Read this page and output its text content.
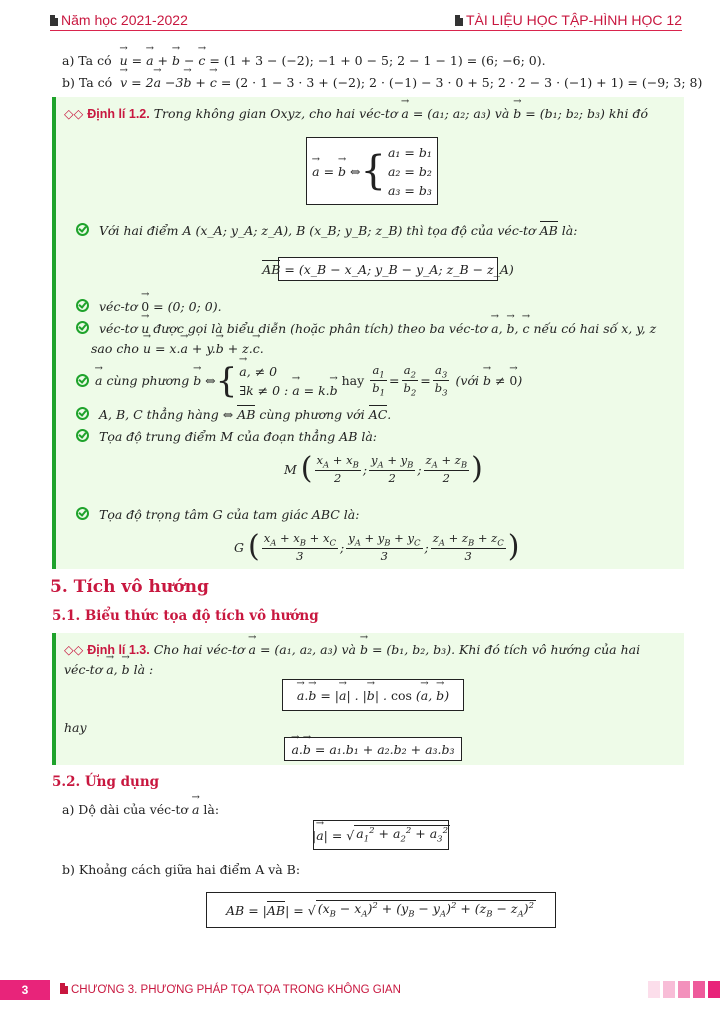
Năm học 2021-2022	TÀI LIỆU HỌC TẬP-HÌNH HỌC 12
a) Ta có → u = → a + → b − → c = (1 + 3 − (−2); −1 + 0 − 5; 2 − 1 − 1) = (6; −6; 0).
b) Ta có → v = 2→ a −3→ b + → c = (2 · 1 − 3 · 3 + (−2); 2 · (−1) − 3 · 0 + 5; 2 · 2 − 3 · (−1) + 1) = (−9; 3; 8)
◇◇ Định lí 1.2. Trong không gian Oxyz, cho hai véc-tơ → a = (a₁; a₂; a₃) và → b = (b₁; b₂; b₃) khi đó
→ a = → b
⇔ { a₁ = b₁
a₂ = b₂
a₃ = b₃
Với hai điểm A (x_A; y_A; z_A), B (x_B; y_B; z_B) thì tọa độ của véc-tơ AB là:
AB
= (x_B − x_A; y_B − y_A; z_B − z_A)
véc-tơ → 0 = (0; 0; 0).
véc-tơ → u được gọi là biểu diễn (hoặc phân tích) theo ba véc-tơ → a, → b, → c nếu có hai số x, y, z
sao cho → u = x.→ a + y.→ b + z.→ c.
→ a
cùng phương
→ b ⇔ { → a, ≠ 0
∃k ≠ 0 : → a = k.→ b

hay
$\frac{a_1}{b_1} = \frac{a_2}{b_2} = \frac{a_3}{b_3}$
(với
→ b ≠ → 0 )
A, B, C thẳng hàng ⇔ AB cùng phương với AC.
Tọa độ trung điểm M của đoạn thẳng AB là:
M ( $\frac{x_A + x_B}{2}$ ; $\frac{y_A + y_B}{2}$ ; $\frac{z_A + z_B}{2}$ )
Tọa độ trọng tâm G của tam giác ABC là:
G ( $\frac{x_A + x_B + x_C}{3}$ ; $\frac{y_A + y_B + y_C}{3}$ ; $\frac{z_A + z_B + z_C}{3}$ )
5. Tích vô hướng
5.1. Biểu thức tọa độ tích vô hướng
◇◇ Định lí 1.3. Cho hai véc-tơ → a = (a₁, a₂, a₃) và → b = (b₁, b₂, b₃). Khi đó tích vô hướng của hai
véc-tơ → a, → b là :
→ a . → b = | → a | . | → b | . cos ( → a , → b )
hay
→ a . → b
= a₁.b₁ + a₂.b₂ + a₃.b₃
5.2. Ứng dụng
a) Dộ dài của véc-tơ → a là:
| → a | = √ $a_1^2 + a_2^2 + a_3^2$
b) Khoảng cách giữa hai điểm A và B:
AB = | AB | = √ $(x_B - x_A)^2 + (y_B - y_A)^2 + (z_B - z_A)^2$
3	CHƯƠNG 3. PHƯƠNG PHÁP TỌA TỌA TRONG KHÔNG GIAN
